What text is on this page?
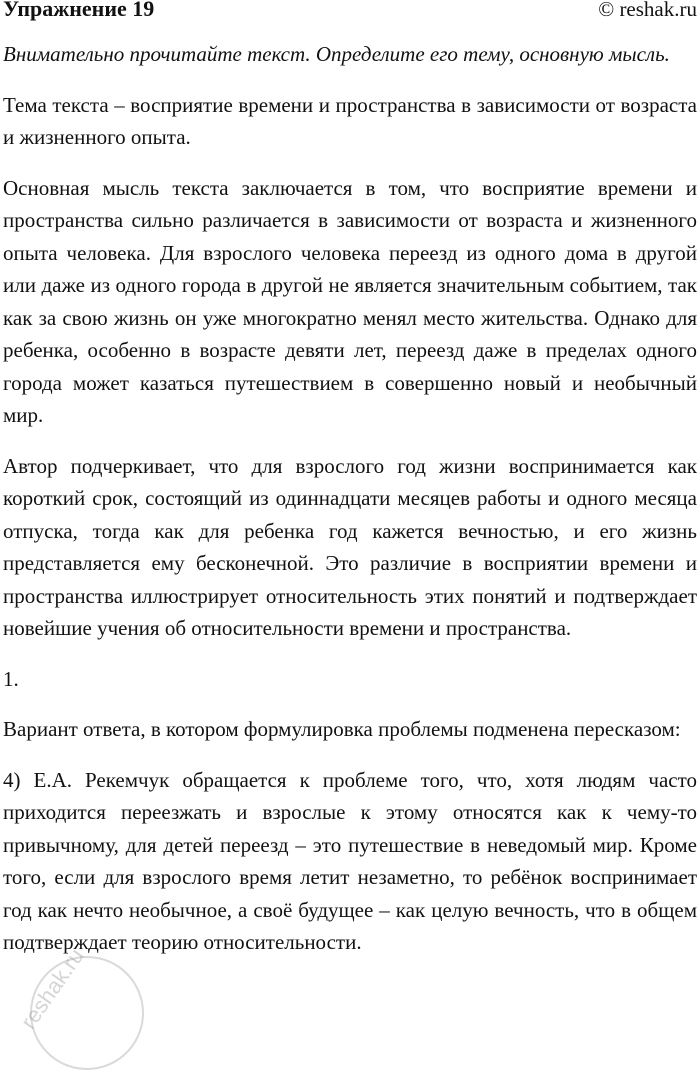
Упражнение 19	© reshak.ru

Внимательно прочитайте текст. Определите его тему, основную мысль.

Тема текста – восприятие времени и пространства в зависимости от возраста и жизненного опыта.

Основная мысль текста заключается в том, что восприятие времени и пространства сильно различается в зависимости от возраста и жизненного опыта человека. Для взрослого человека переезд из одного дома в другой или даже из одного города в другой не является значительным событием, так как за свою жизнь он уже многократно менял место жительства. Однако для ребенка, особенно в возрасте девяти лет, переезд даже в пределах одного города может казаться путешествием в совершенно новый и необычный мир.

Автор подчеркивает, что для взрослого год жизни воспринимается как короткий срок, состоящий из одиннадцати месяцев работы и одного месяца отпуска, тогда как для ребенка год кажется вечностью, и его жизнь представляется ему бесконечной. Это различие в восприятии времени и пространства иллюстрирует относительность этих понятий и подтверждает новейшие учения об относительности времени и пространства.

1.

Вариант ответа, в котором формулировка проблемы подменена пересказом:

4) Е.А. Рекемчук обращается к проблеме того, что, хотя людям часто приходится переезжать и взрослые к этому относятся как к чему-то привычному, для детей переезд – это путешествие в неведомый мир. Кроме того, если для взрослого время летит незаметно, то ребёнок воспринимает год как нечто необычное, а своё будущее – как целую вечность, что в общем подтверждает теорию относительности.

reshak.ru
